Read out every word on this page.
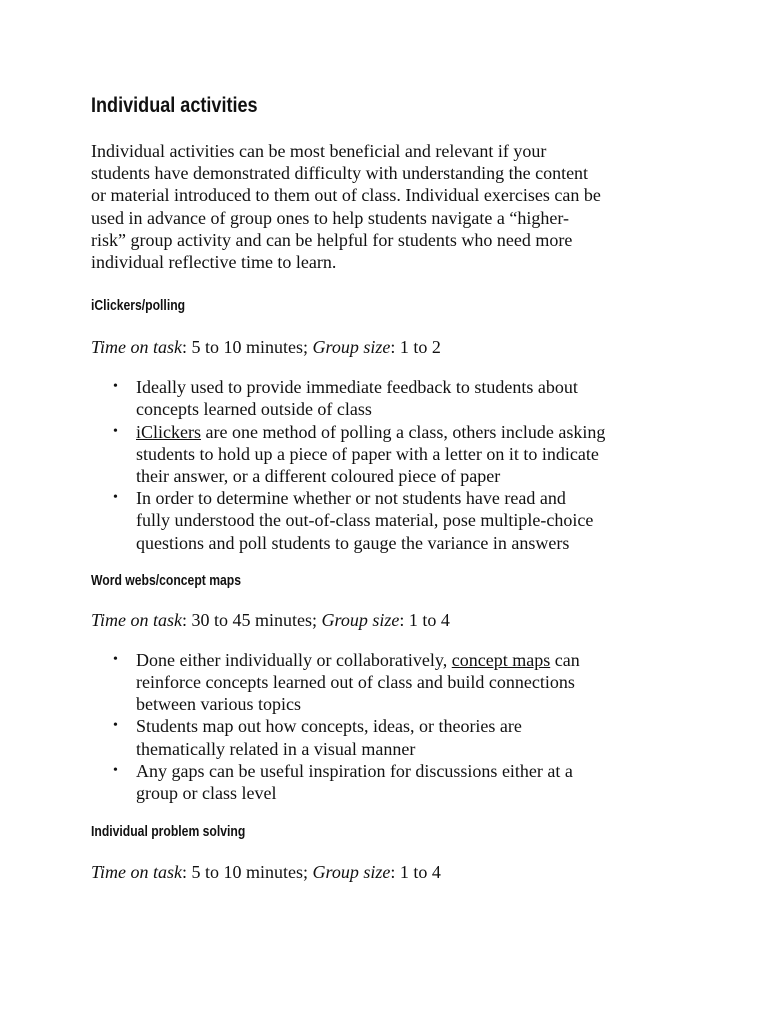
Individual activities

Individual activities can be most beneficial and relevant if your
students have demonstrated difficulty with understanding the content
or material introduced to them out of class. Individual exercises can be
used in advance of group ones to help students navigate a “higher-
risk” group activity and can be helpful for students who need more
individual reflective time to learn.

iClickers/polling

Time on task: 5 to 10 minutes; Group size: 1 to 2

• Ideally used to provide immediate feedback to students about
concepts learned outside of class
• iClickers are one method of polling a class, others include asking
students to hold up a piece of paper with a letter on it to indicate
their answer, or a different coloured piece of paper
• In order to determine whether or not students have read and
fully understood the out-of-class material, pose multiple-choice
questions and poll students to gauge the variance in answers
Word webs/concept maps

Time on task: 30 to 45 minutes; Group size: 1 to 4

• Done either individually or collaboratively, concept maps can
reinforce concepts learned out of class and build connections
between various topics
• Students map out how concepts, ideas, or theories are
thematically related in a visual manner
• Any gaps can be useful inspiration for discussions either at a
group or class level
Individual problem solving

Time on task: 5 to 10 minutes; Group size: 1 to 4
